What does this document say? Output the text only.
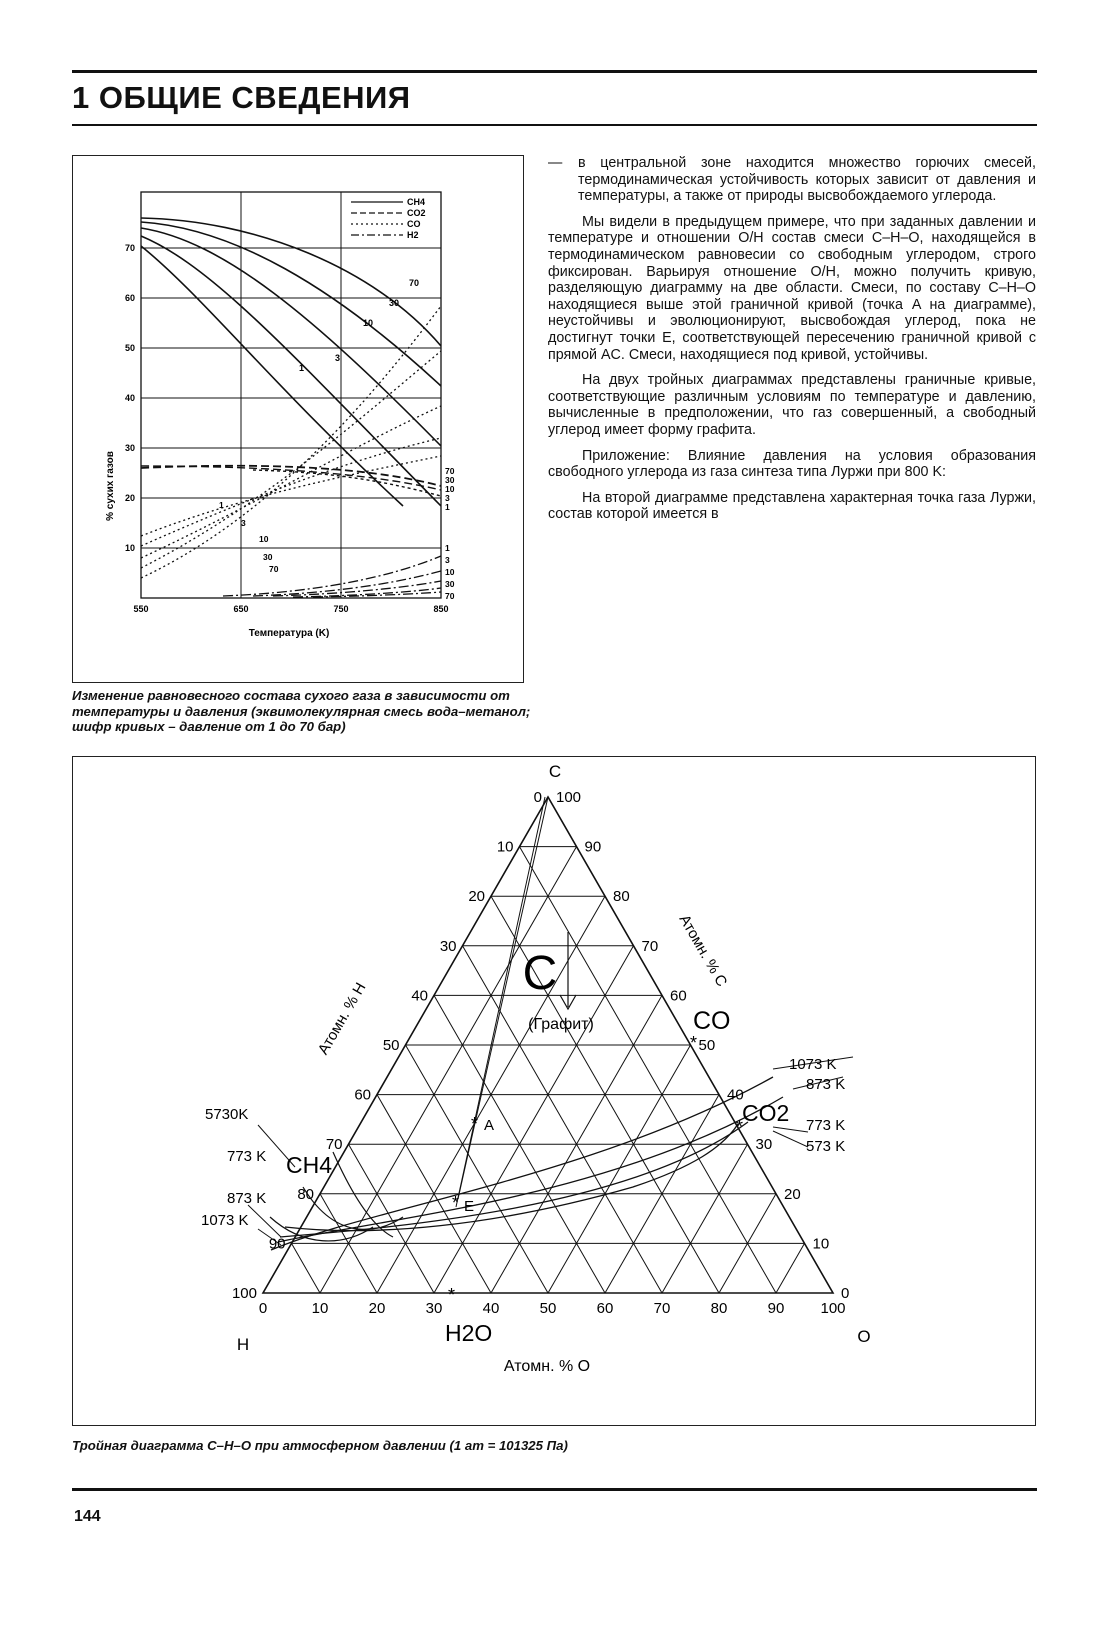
1 ОБЩИЕ СВЕДЕНИЯ
% сухих газов
Температура (K)
70
60
50
40
30
20
10
550	650	750	850
CH4
CO2
CO
H2
70
30
10
3
1
70
30
10
3
1
1
3
10
30
70
1
3
10
30
70
Изменение равновесного состава сухого газа в зависимости от температуры и давления (эквимолекулярная смесь вода–метанол; шифр кривых – давление от 1 до 70 бар)
—	в центральной зоне находится множество горючих смесей, термодинамическая устойчивость которых зависит от давления и температуры, а также от природы высвобождаемого углерода.

Мы видели в предыдущем примере, что при заданных давлении и температуре и отношении O/H состав смеси C–H–O, находящейся в термодинамическом равновесии со свободным углеродом, строго фиксирован. Варьируя отношение O/H, можно получить кривую, разделяющую диаграмму на две области. Смеси, по составу C–H–O находящиеся выше этой граничной кривой (точка A на диаграмме), неустойчивы и эволюционируют, высвобождая углерод, пока не достигнут точки E, соответствующей пересечению граничной кривой с прямой AC. Смеси, находящиеся под кривой, устойчивы.

На двух тройных диаграммах представлены граничные кривые, соответствующие различным условиям по температуре и давлению, вычисленные в предположении, что газ совершенный, а свободный углерод имеет форму графита.

Приложение: Влияние давления на условия образования свободного углерода из газа синтеза типа Луржи при 800 K:

На второй диаграмме представлена характерная точка газа Луржи, состав которой имеется в

*
*
*
*
*
0
0
0
10
10
10
20
20
20
30
30
30
40
40
40
50
50	50
60
60
60
70
70
70
80
80
80
90
90
90
100
100
100
C
H	O
Атомн. % O
Атомн. % H
Атомн. % C
C
(Графит)	CO
CO2
CH4
H2O
A
E
1073 K
873 K
773 K
573 K
5730K
773 K
873 K
1073 K
Тройная диаграмма C–H–O при атмосферном давлении (1 ат = 101325 Па)
144
